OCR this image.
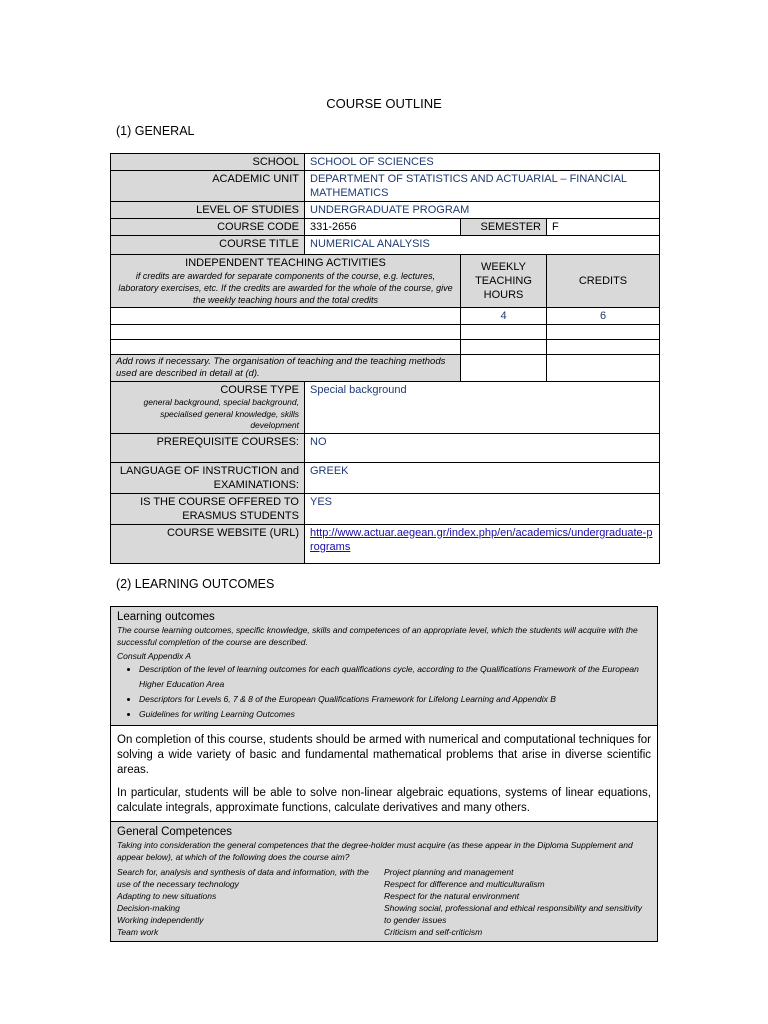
COURSE OUTLINE
(1) GENERAL
SCHOOL	SCHOOL OF SCIENCES		
ACADEMIC UNIT	DEPARTMENT OF STATISTICS AND ACTUARIAL – FINANCIAL MATHEMATICS		
LEVEL OF STUDIES	UNDERGRADUATE PROGRAM		
COURSE CODE	331-2656	SEMESTER	F
COURSE TITLE	NUMERICAL ANALYSIS		

INDEPENDENT TEACHING ACTIVITIES
if credits are awarded for separate components of the course, e.g. lectures, laboratory exercises, etc. If the credits are awarded for the whole of the course, give the weekly teaching hours and the total credits		WEEKLY TEACHING HOURS	CREDITS
		4	6

Add rows if necessary. The organisation of teaching and the teaching methods used are described in detail at (d).			

COURSE TYPE
general background, special background, specialised general knowledge, skills development	Special background		
PREREQUISITE COURSES:	NO		
LANGUAGE OF INSTRUCTION and EXAMINATIONS:	GREEK		
IS THE COURSE OFFERED TO ERASMUS STUDENTS	YES		
COURSE WEBSITE (URL)	http://www.actuar.aegean.gr/index.php/en/academics/undergraduate-programs		
(2) LEARNING OUTCOMES
Learning outcomes
The course learning outcomes, specific knowledge, skills and competences of an appropriate level, which the students will acquire with the successful completion of the course are described.
Consult Appendix A
• Description of the level of learning outcomes for each qualifications cycle, according to the Qualifications Framework of the European Higher Education Area
• Descriptors for Levels 6, 7 & 8 of the European Qualifications Framework for Lifelong Learning and Appendix B
• Guidelines for writing Learning Outcomes

On completion of this course, students should be armed with numerical and computational techniques for solving a wide variety of basic and fundamental mathematical problems that arise in diverse scientific areas.

In particular, students will be able to solve non-linear algebraic equations, systems of linear equations, calculate integrals, approximate functions, calculate derivatives and many others.

General Competences
Taking into consideration the general competences that the degree-holder must acquire (as these appear in the Diploma Supplement and appear below), at which of the following does the course aim?
Search for, analysis and synthesis of data and information, with the use of the necessary technology
Adapting to new situations
Decision-making
Working independently
Team work
Project planning and management
Respect for difference and multiculturalism
Respect for the natural environment
Showing social, professional and ethical responsibility and sensitivity to gender issues
Criticism and self-criticism
